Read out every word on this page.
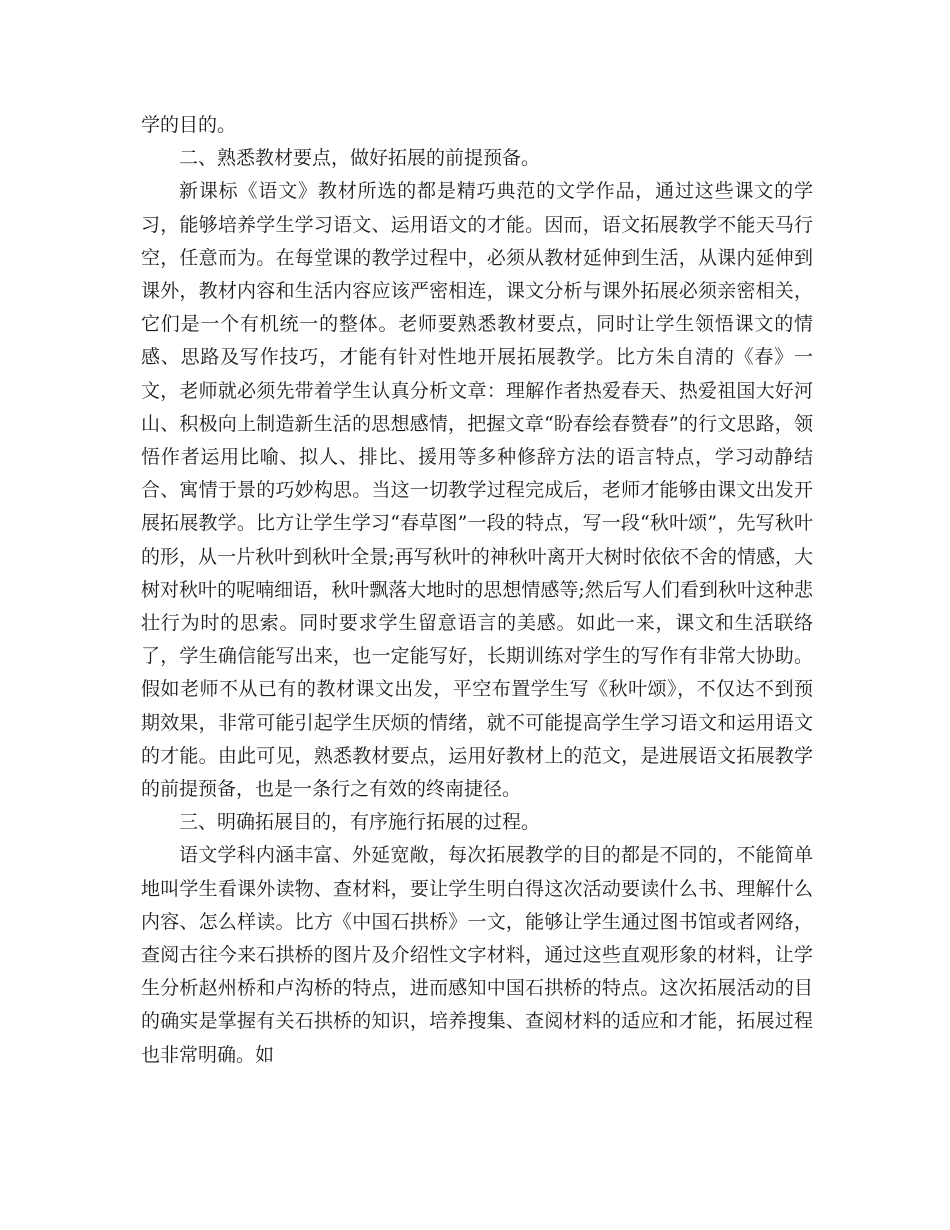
学的目的。

二、熟悉教材要点，做好拓展的前提预备。

新课标《语文》教材所选的都是精巧典范的文学作品，通过这些课文的学习，能够培养学生学习语文、运用语文的才能。因而，语文拓展教学不能天马行空，任意而为。在每堂课的教学过程中，必须从教材延伸到生活，从课内延伸到课外，教材内容和生活内容应该严密相连，课文分析与课外拓展必须亲密相关，它们是一个有机统一的整体。老师要熟悉教材要点，同时让学生领悟课文的情感、思路及写作技巧，才能有针对性地开展拓展教学。比方朱自清的《春》一文，老师就必须先带着学生认真分析文章：理解作者热爱春天、热爱祖国大好河山、积极向上制造新生活的思想感情，把握文章“盼春绘春赞春”的行文思路，领悟作者运用比喻、拟人、排比、援用等多种修辞方法的语言特点，学习动静结合、寓情于景的巧妙构思。当这一切教学过程完成后，老师才能够由课文出发开展拓展教学。比方让学生学习“春草图”一段的特点，写一段“秋叶颂”，先写秋叶的形，从一片秋叶到秋叶全景;再写秋叶的神秋叶离开大树时依依不舍的情感，大树对秋叶的呢喃细语，秋叶飘落大地时的思想情感等;然后写人们看到秋叶这种悲壮行为时的思索。同时要求学生留意语言的美感。如此一来，课文和生活联络了，学生确信能写出来，也一定能写好，长期训练对学生的写作有非常大协助。假如老师不从已有的教材课文出发，平空布置学生写《秋叶颂》，不仅达不到预期效果，非常可能引起学生厌烦的情绪，就不可能提高学生学习语文和运用语文的才能。由此可见，熟悉教材要点，运用好教材上的范文，是进展语文拓展教学的前提预备，也是一条行之有效的终南捷径。

三、明确拓展目的，有序施行拓展的过程。

语文学科内涵丰富、外延宽敞，每次拓展教学的目的都是不同的，不能简单地叫学生看课外读物、查材料，要让学生明白得这次活动要读什么书、理解什么内容、怎么样读。比方《中国石拱桥》一文，能够让学生通过图书馆或者网络，查阅古往今来石拱桥的图片及介绍性文字材料，通过这些直观形象的材料，让学生分析赵州桥和卢沟桥的特点，进而感知中国石拱桥的特点。这次拓展活动的目的确实是掌握有关石拱桥的知识，培养搜集、查阅材料的适应和才能，拓展过程也非常明确。如
